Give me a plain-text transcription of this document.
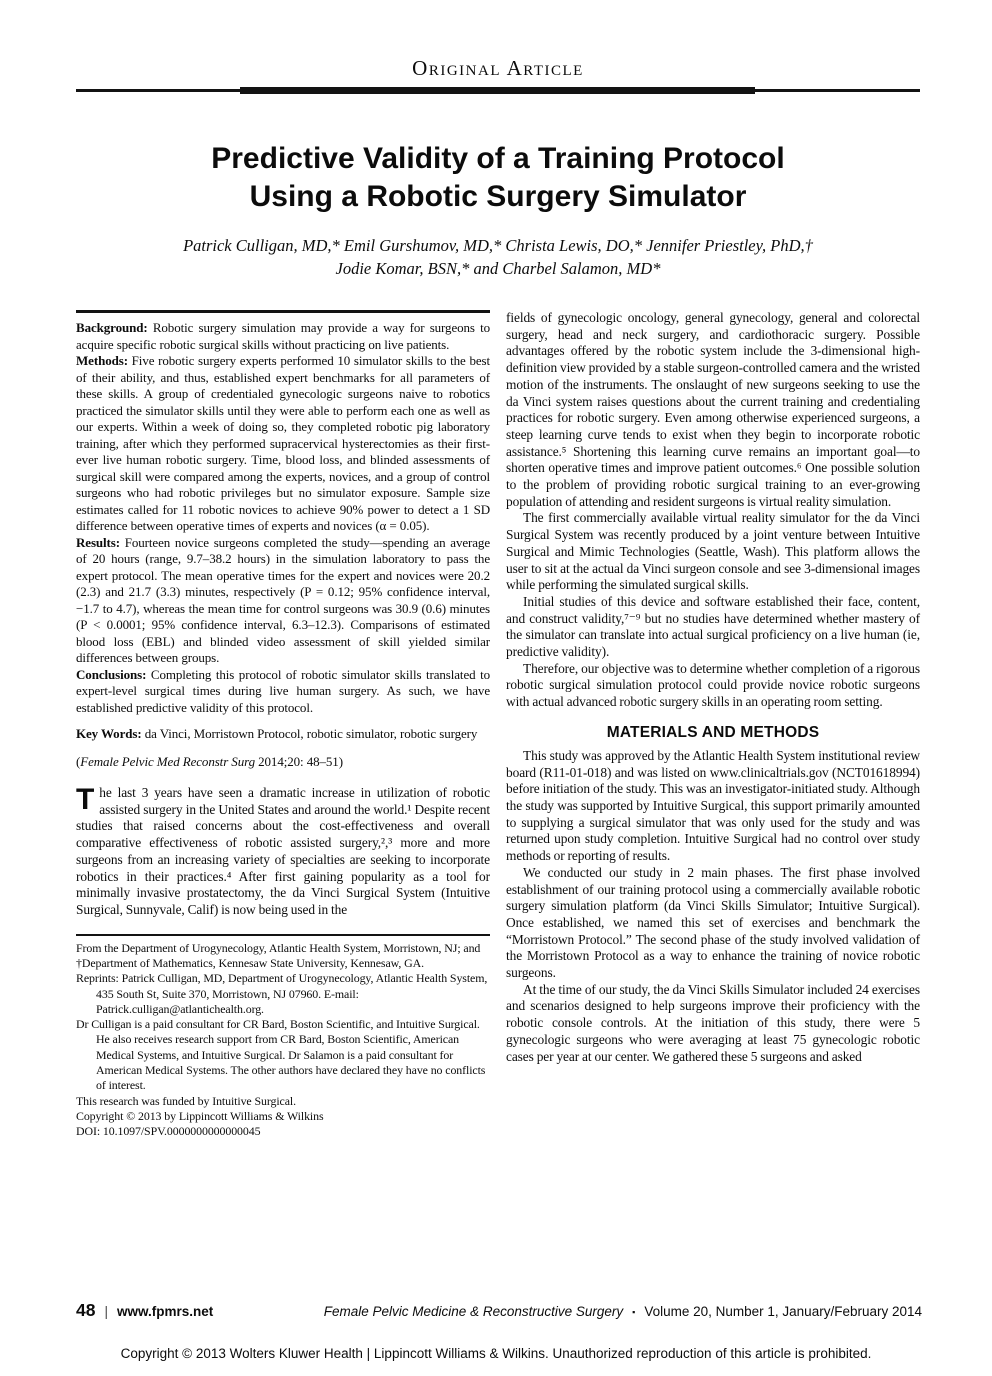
Original Article
Predictive Validity of a Training Protocol
Using a Robotic Surgery Simulator
Patrick Culligan, MD,* Emil Gurshumov, MD,* Christa Lewis, DO,* Jennifer Priestley, PhD,†
Jodie Komar, BSN,* and Charbel Salamon, MD*

Background: Robotic surgery simulation may provide a way for surgeons to acquire specific robotic surgical skills without practicing on live patients.

Methods: Five robotic surgery experts performed 10 simulator skills to the best of their ability, and thus, established expert benchmarks for all parameters of these skills. A group of credentialed gynecologic surgeons naive to robotics practiced the simulator skills until they were able to perform each one as well as our experts. Within a week of doing so, they completed robotic pig laboratory training, after which they performed supracervical hysterectomies as their first-ever live human robotic surgery. Time, blood loss, and blinded assessments of surgical skill were compared among the experts, novices, and a group of control surgeons who had robotic privileges but no simulator exposure. Sample size estimates called for 11 robotic novices to achieve 90% power to detect a 1 SD difference between operative times of experts and novices (α = 0.05).

Results: Fourteen novice surgeons completed the study—spending an average of 20 hours (range, 9.7–38.2 hours) in the simulation laboratory to pass the expert protocol. The mean operative times for the expert and novices were 20.2 (2.3) and 21.7 (3.3) minutes, respectively (P = 0.12; 95% confidence interval, −1.7 to 4.7), whereas the mean time for control surgeons was 30.9 (0.6) minutes (P < 0.0001; 95% confidence interval, 6.3–12.3). Comparisons of estimated blood loss (EBL) and blinded video assessment of skill yielded similar differences between groups.

Conclusions: Completing this protocol of robotic simulator skills translated to expert-level surgical times during live human surgery. As such, we have established predictive validity of this protocol.

Key Words: da Vinci, Morristown Protocol, robotic simulator, robotic surgery

(Female Pelvic Med Reconstr Surg 2014;20: 48–51)

The last 3 years have seen a dramatic increase in utilization of robotic assisted surgery in the United States and around the world.¹ Despite recent studies that raised concerns about the cost-effectiveness and overall comparative effectiveness of robotic assisted surgery,²,³ more and more surgeons from an increasing variety of specialties are seeking to incorporate robotics in their practices.⁴ After first gaining popularity as a tool for minimally invasive prostatectomy, the da Vinci Surgical System (Intuitive Surgical, Sunnyvale, Calif) is now being used in the

From the Department of Urogynecology, Atlantic Health System, Morristown, NJ; and †Department of Mathematics, Kennesaw State University, Kennesaw, GA.

Reprints: Patrick Culligan, MD, Department of Urogynecology, Atlantic Health System, 435 South St, Suite 370, Morristown, NJ 07960. E-mail: Patrick.culligan@atlantichealth.org.

Dr Culligan is a paid consultant for CR Bard, Boston Scientific, and Intuitive Surgical. He also receives research support from CR Bard, Boston Scientific, American Medical Systems, and Intuitive Surgical. Dr Salamon is a paid consultant for American Medical Systems. The other authors have declared they have no conflicts of interest.

This research was funded by Intuitive Surgical.

Copyright © 2013 by Lippincott Williams & Wilkins

DOI: 10.1097/SPV.0000000000000045

fields of gynecologic oncology, general gynecology, general and colorectal surgery, head and neck surgery, and cardiothoracic surgery. Possible advantages offered by the robotic system include the 3-dimensional high-definition view provided by a stable surgeon-controlled camera and the wristed motion of the instruments. The onslaught of new surgeons seeking to use the da Vinci system raises questions about the current training and credentialing practices for robotic surgery. Even among otherwise experienced surgeons, a steep learning curve tends to exist when they begin to incorporate robotic assistance.⁵ Shortening this learning curve remains an important goal—to shorten operative times and improve patient outcomes.⁶ One possible solution to the problem of providing robotic surgical training to an ever-growing population of attending and resident surgeons is virtual reality simulation.

The first commercially available virtual reality simulator for the da Vinci Surgical System was recently produced by a joint venture between Intuitive Surgical and Mimic Technologies (Seattle, Wash). This platform allows the user to sit at the actual da Vinci surgeon console and see 3-dimensional images while performing the simulated surgical skills.

Initial studies of this device and software established their face, content, and construct validity,⁷⁻⁹ but no studies have determined whether mastery of the simulator can translate into actual surgical proficiency on a live human (ie, predictive validity).

Therefore, our objective was to determine whether completion of a rigorous robotic surgical simulation protocol could provide novice robotic surgeons with actual advanced robotic surgery skills in an operating room setting.

MATERIALS AND METHODS

This study was approved by the Atlantic Health System institutional review board (R11-01-018) and was listed on www.clinicaltrials.gov (NCT01618994) before initiation of the study. This was an investigator-initiated study. Although the study was supported by Intuitive Surgical, this support primarily amounted to supplying a surgical simulator that was only used for the study and was returned upon study completion. Intuitive Surgical had no control over study methods or reporting of results.

We conducted our study in 2 main phases. The first phase involved establishment of our training protocol using a commercially available robotic surgery simulation platform (da Vinci Skills Simulator; Intuitive Surgical). Once established, we named this set of exercises and benchmark the “Morristown Protocol.” The second phase of the study involved validation of the Morristown Protocol as a way to enhance the training of novice robotic surgeons.

At the time of our study, the da Vinci Skills Simulator included 24 exercises and scenarios designed to help surgeons improve their proficiency with the robotic console controls. At the initiation of this study, there were 5 gynecologic surgeons who were averaging at least 75 gynecologic robotic cases per year at our center. We gathered these 5 surgeons and asked

48 | www.fpmrs.net	Female Pelvic Medicine & Reconstructive Surgery ▪ Volume 20, Number 1, January/February 2014
Copyright © 2013 Wolters Kluwer Health | Lippincott Williams & Wilkins. Unauthorized reproduction of this article is prohibited.
